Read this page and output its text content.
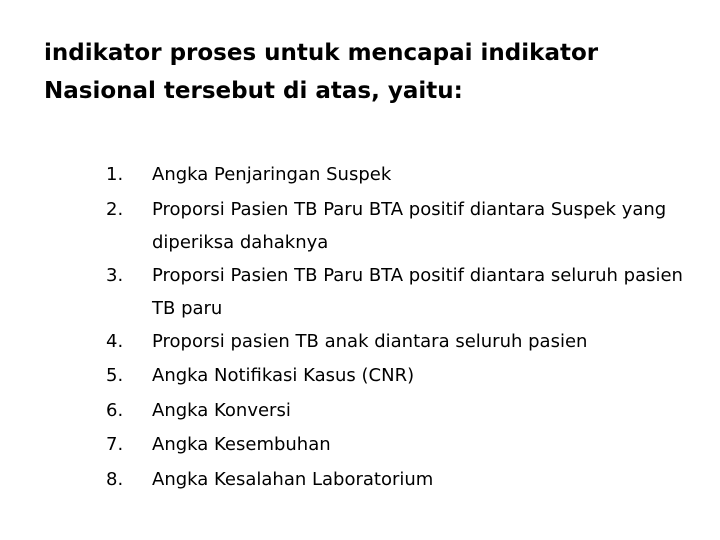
indikator proses untuk mencapai indikator
Nasional tersebut di atas, yaitu:
1.	Angka Penjaringan Suspek
2.	Proporsi Pasien TB Paru BTA positif diantara Suspek yang diperiksa dahaknya
3.	Proporsi Pasien TB Paru BTA positif diantara seluruh pasien TB paru
4.	Proporsi pasien TB anak diantara seluruh pasien
5.	Angka Notifikasi Kasus (CNR)
6.	Angka Konversi
7.	Angka Kesembuhan
8.	Angka Kesalahan Laboratorium
